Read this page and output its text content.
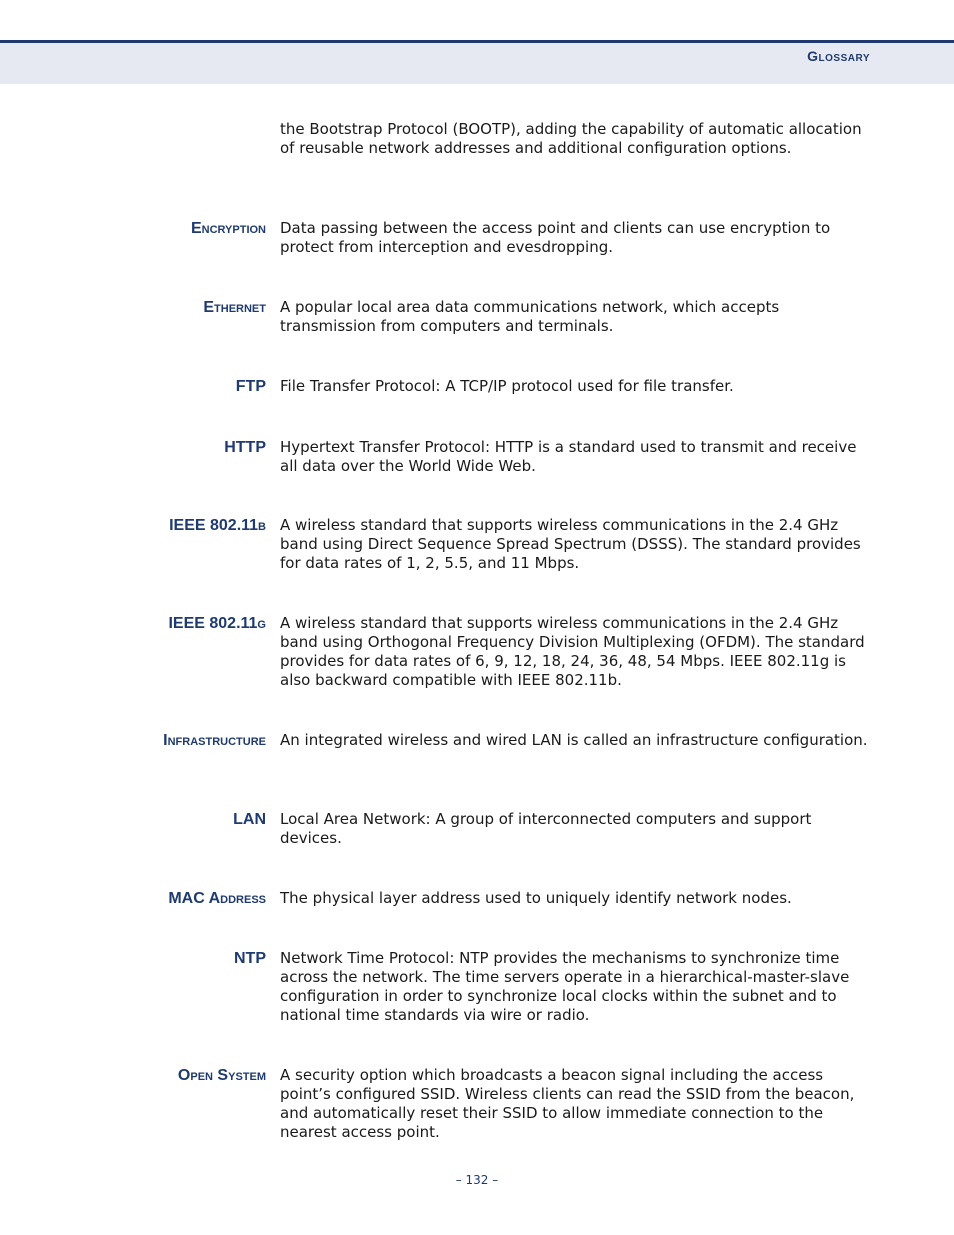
Glossary
the Bootstrap Protocol (BOOTP), adding the capability of automatic allocation of reusable network addresses and additional configuration options.
Encryption Data passing between the access point and clients can use encryption to protect from interception and evesdropping.
Ethernet A popular local area data communications network, which accepts transmission from computers and terminals.
FTP File Transfer Protocol: A TCP/IP protocol used for file transfer.
HTTP Hypertext Transfer Protocol: HTTP is a standard used to transmit and receive all data over the World Wide Web.
IEEE 802.11b A wireless standard that supports wireless communications in the 2.4 GHz band using Direct Sequence Spread Spectrum (DSSS). The standard provides for data rates of 1, 2, 5.5, and 11 Mbps.
IEEE 802.11g A wireless standard that supports wireless communications in the 2.4 GHz band using Orthogonal Frequency Division Multiplexing (OFDM). The standard provides for data rates of 6, 9, 12, 18, 24, 36, 48, 54 Mbps. IEEE 802.11g is also backward compatible with IEEE 802.11b.
Infrastructure An integrated wireless and wired LAN is called an infrastructure configuration.
LAN Local Area Network: A group of interconnected computers and support devices.
MAC Address The physical layer address used to uniquely identify network nodes.
NTP Network Time Protocol: NTP provides the mechanisms to synchronize time across the network. The time servers operate in a hierarchical-master-slave configuration in order to synchronize local clocks within the subnet and to national time standards via wire or radio.
Open System A security option which broadcasts a beacon signal including the access point’s configured SSID. Wireless clients can read the SSID from the beacon, and automatically reset their SSID to allow immediate connection to the nearest access point.
– 132 –
